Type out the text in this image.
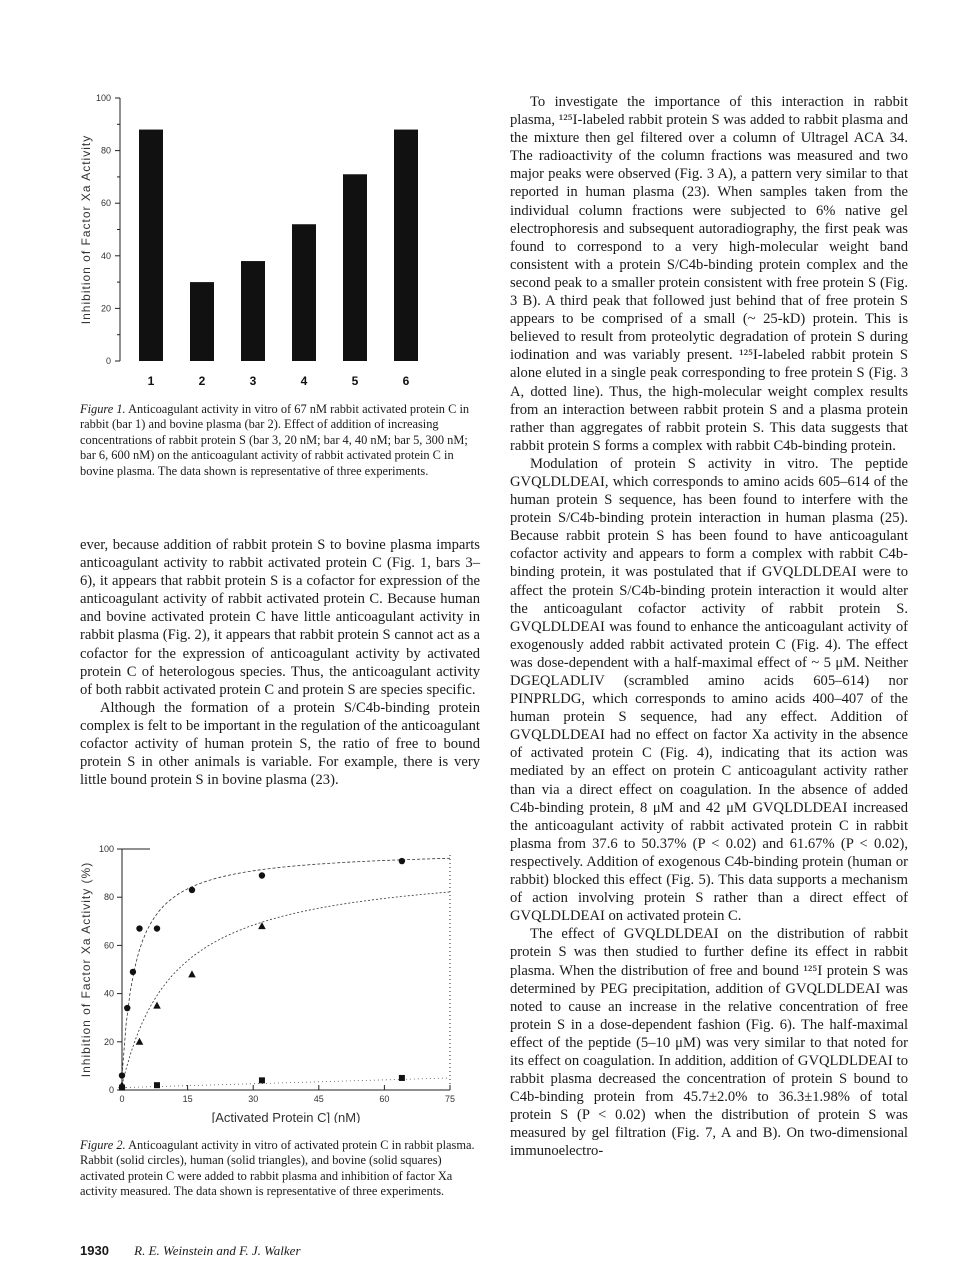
Inhibition of Factor Xa Activity
0
20
40
60
80
100
1	2	3	4	5	6
Figure 1. Anticoagulant activity in vitro of 67 nM rabbit activated protein C in rabbit (bar 1) and bovine plasma (bar 2). Effect of addition of increasing concentrations of rabbit protein S (bar 3, 20 nM; bar 4, 40 nM; bar 5, 300 nM; bar 6, 600 nM) on the anticoagulant activity of rabbit activated protein C in bovine plasma. The data shown is representative of three experiments.

ever, because addition of rabbit protein S to bovine plasma imparts anticoagulant activity to rabbit activated protein C (Fig. 1, bars 3–6), it appears that rabbit protein S is a cofactor for expression of the anticoagulant activity of rabbit activated protein C. Because human and bovine activated protein C have little anticoagulant activity in rabbit plasma (Fig. 2), it appears that rabbit protein S cannot act as a cofactor for the expression of anticoagulant activity by activated protein C of heterologous species. Thus, the anticoagulant activity of both rabbit activated protein C and protein S are species specific.

Although the formation of a protein S/C4b-binding protein complex is felt to be important in the regulation of the anticoagulant cofactor activity of human protein S, the ratio of free to bound protein S in other animals is variable. For example, there is very little bound protein S in bovine plasma (23).

Inhibition of Factor Xa Activity (%)
[Activated Protein C] (nM)
0
20
40
60
80
100
0	15	30	45	60	75
Figure 2. Anticoagulant activity in vitro of activated protein C in rabbit plasma. Rabbit (solid circles), human (solid triangles), and bovine (solid squares) activated protein C were added to rabbit plasma and inhibition of factor Xa activity measured. The data shown is representative of three experiments.

To investigate the importance of this interaction in rabbit plasma, ¹²⁵I-labeled rabbit protein S was added to rabbit plasma and the mixture then gel filtered over a column of Ultragel ACA 34. The radioactivity of the column fractions was measured and two major peaks were observed (Fig. 3 A), a pattern very similar to that reported in human plasma (23). When samples taken from the individual column fractions were subjected to 6% native gel electrophoresis and subsequent autoradiography, the first peak was found to correspond to a very high-molecular weight band consistent with a protein S/C4b-binding protein complex and the second peak to a smaller protein consistent with free protein S (Fig. 3 B). A third peak that followed just behind that of free protein S appears to be comprised of a small (~ 25-kD) protein. This is believed to result from proteolytic degradation of protein S during iodination and was variably present. ¹²⁵I-labeled rabbit protein S alone eluted in a single peak corresponding to free protein S (Fig. 3 A, dotted line). Thus, the high-molecular weight complex results from an interaction between rabbit protein S and a plasma protein rather than aggregates of rabbit protein S. This data suggests that rabbit protein S forms a complex with rabbit C4b-binding protein.

Modulation of protein S activity in vitro. The peptide GVQLDLDEAI, which corresponds to amino acids 605–614 of the human protein S sequence, has been found to interfere with the protein S/C4b-binding protein interaction in human plasma (25). Because rabbit protein S has been found to have anticoagulant cofactor activity and appears to form a complex with rabbit C4b-binding protein, it was postulated that if GVQLDLDEAI were to affect the protein S/C4b-binding protein interaction it would alter the anticoagulant cofactor activity of rabbit protein S. GVQLDLDEAI was found to enhance the anticoagulant activity of exogenously added rabbit activated protein C (Fig. 4). The effect was dose-dependent with a half-maximal effect of ~ 5 μM. Neither DGEQLADLIV (scrambled amino acids 605–614) nor PINPRLDG, which corresponds to amino acids 400–407 of the human protein S sequence, had any effect. Addition of GVQLDLDEAI had no effect on factor Xa activity in the absence of activated protein C (Fig. 4), indicating that its action was mediated by an effect on protein C anticoagulant activity rather than via a direct effect on coagulation. In the absence of added C4b-binding protein, 8 μM and 42 μM GVQLDLDEAI increased the anticoagulant activity of rabbit activated protein C in rabbit plasma from 37.6 to 50.37% (P < 0.02) and 61.67% (P < 0.02), respectively. Addition of exogenous C4b-binding protein (human or rabbit) blocked this effect (Fig. 5). This data supports a mechanism of action involving protein S rather than a direct effect of GVQLDLDEAI on activated protein C.

The effect of GVQLDLDEAI on the distribution of rabbit protein S was then studied to further define its effect in rabbit plasma. When the distribution of free and bound ¹²⁵I protein S was determined by PEG precipitation, addition of GVQLDLDEAI was noted to cause an increase in the relative concentration of free protein S in a dose-dependent fashion (Fig. 6). The half-maximal effect of the peptide (5–10 μM) was very similar to that noted for its effect on coagulation. In addition, addition of GVQLDLDEAI to rabbit plasma decreased the concentration of protein S bound to C4b-binding protein from 45.7±2.0% to 36.3±1.98% of total protein S (P < 0.02) when the distribution of protein S was measured by gel filtration (Fig. 7, A and B). On two-dimensional immunoelectro-

1930 R. E. Weinstein and F. J. Walker
